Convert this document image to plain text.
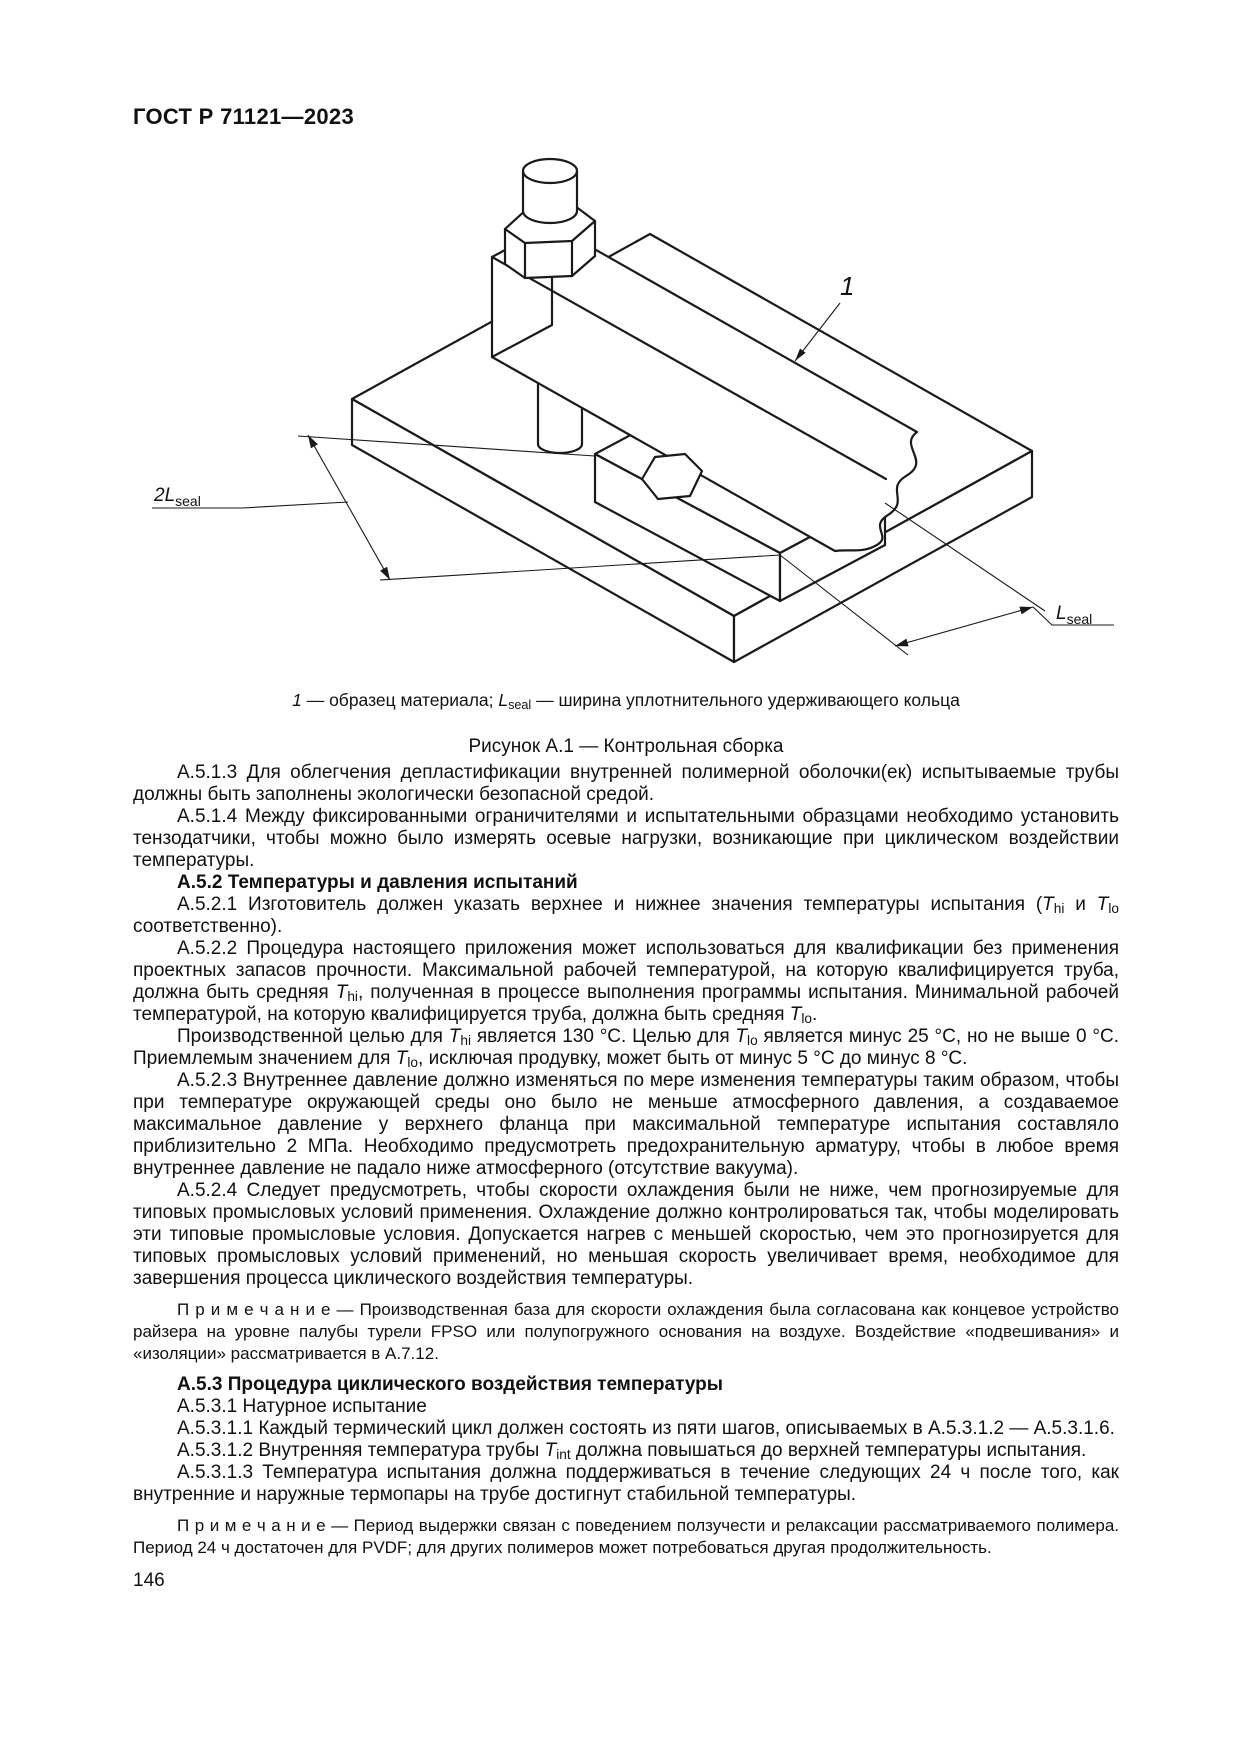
ГОСТ Р 71121—2023
$2L_{seal}$
$L_{seal}$
1
1 — образец материала; $L_{seal}$ — ширина уплотнительного удерживающего кольца
Рисунок А.1 — Контрольная сборка

А.5.1.3 Для облегчения депластификации внутренней полимерной оболочки(ек) испытываемые трубы должны быть заполнены экологически безопасной средой.

А.5.1.4 Между фиксированными ограничителями и испытательными образцами необходимо установить тензодатчики, чтобы можно было измерять осевые нагрузки, возникающие при циклическом воздействии температуры.

А.5.2 Температуры и давления испытаний

А.5.2.1 Изготовитель должен указать верхнее и нижнее значения температуры испытания ($T_{hi}$ и $T_{lo}$ соответственно).

А.5.2.2 Процедура настоящего приложения может использоваться для квалификации без применения проектных запасов прочности. Максимальной рабочей температурой, на которую квалифицируется труба, должна быть средняя $T_{hi}$, полученная в процессе выполнения программы испытания. Минимальной рабочей температурой, на которую квалифицируется труба, должна быть средняя $T_{lo}$.

Производственной целью для $T_{hi}$ является 130 °С. Целью для $T_{lo}$ является минус 25 °С, но не выше 0 °С. Приемлемым значением для $T_{lo}$, исключая продувку, может быть от минус 5 °С до минус 8 °С.

А.5.2.3 Внутреннее давление должно изменяться по мере изменения температуры таким образом, чтобы при температуре окружающей среды оно было не меньше атмосферного давления, а создаваемое максимальное давление у верхнего фланца при максимальной температуре испытания составляло приблизительно 2 МПа. Необходимо предусмотреть предохранительную арматуру, чтобы в любое время внутреннее давление не падало ниже атмосферного (отсутствие вакуума).

А.5.2.4 Следует предусмотреть, чтобы скорости охлаждения были не ниже, чем прогнозируемые для типовых промысловых условий применения. Охлаждение должно контролироваться так, чтобы моделировать эти типовые промысловые условия. Допускается нагрев с меньшей скоростью, чем это прогнозируется для типовых промысловых условий применений, но меньшая скорость увеличивает время, необходимое для завершения процесса циклического воздействия температуры.

П р и м е ч а н и е — Производственная база для скорости охлаждения была согласована как концевое устройство райзера на уровне палубы турели FPSO или полупогружного основания на воздухе. Воздействие «подвешивания» и «изоляции» рассматривается в А.7.12.

А.5.3 Процедура циклического воздействия температуры

А.5.3.1 Натурное испытание

А.5.3.1.1 Каждый термический цикл должен состоять из пяти шагов, описываемых в А.5.3.1.2 — А.5.3.1.6.

А.5.3.1.2 Внутренняя температура трубы $T_{int}$ должна повышаться до верхней температуры испытания.

А.5.3.1.3 Температура испытания должна поддерживаться в течение следующих 24 ч после того, как внутренние и наружные термопары на трубе достигнут стабильной температуры.

П р и м е ч а н и е — Период выдержки связан с поведением ползучести и релаксации рассматриваемого полимера. Период 24 ч достаточен для PVDF; для других полимеров может потребоваться другая продолжительность.

146
